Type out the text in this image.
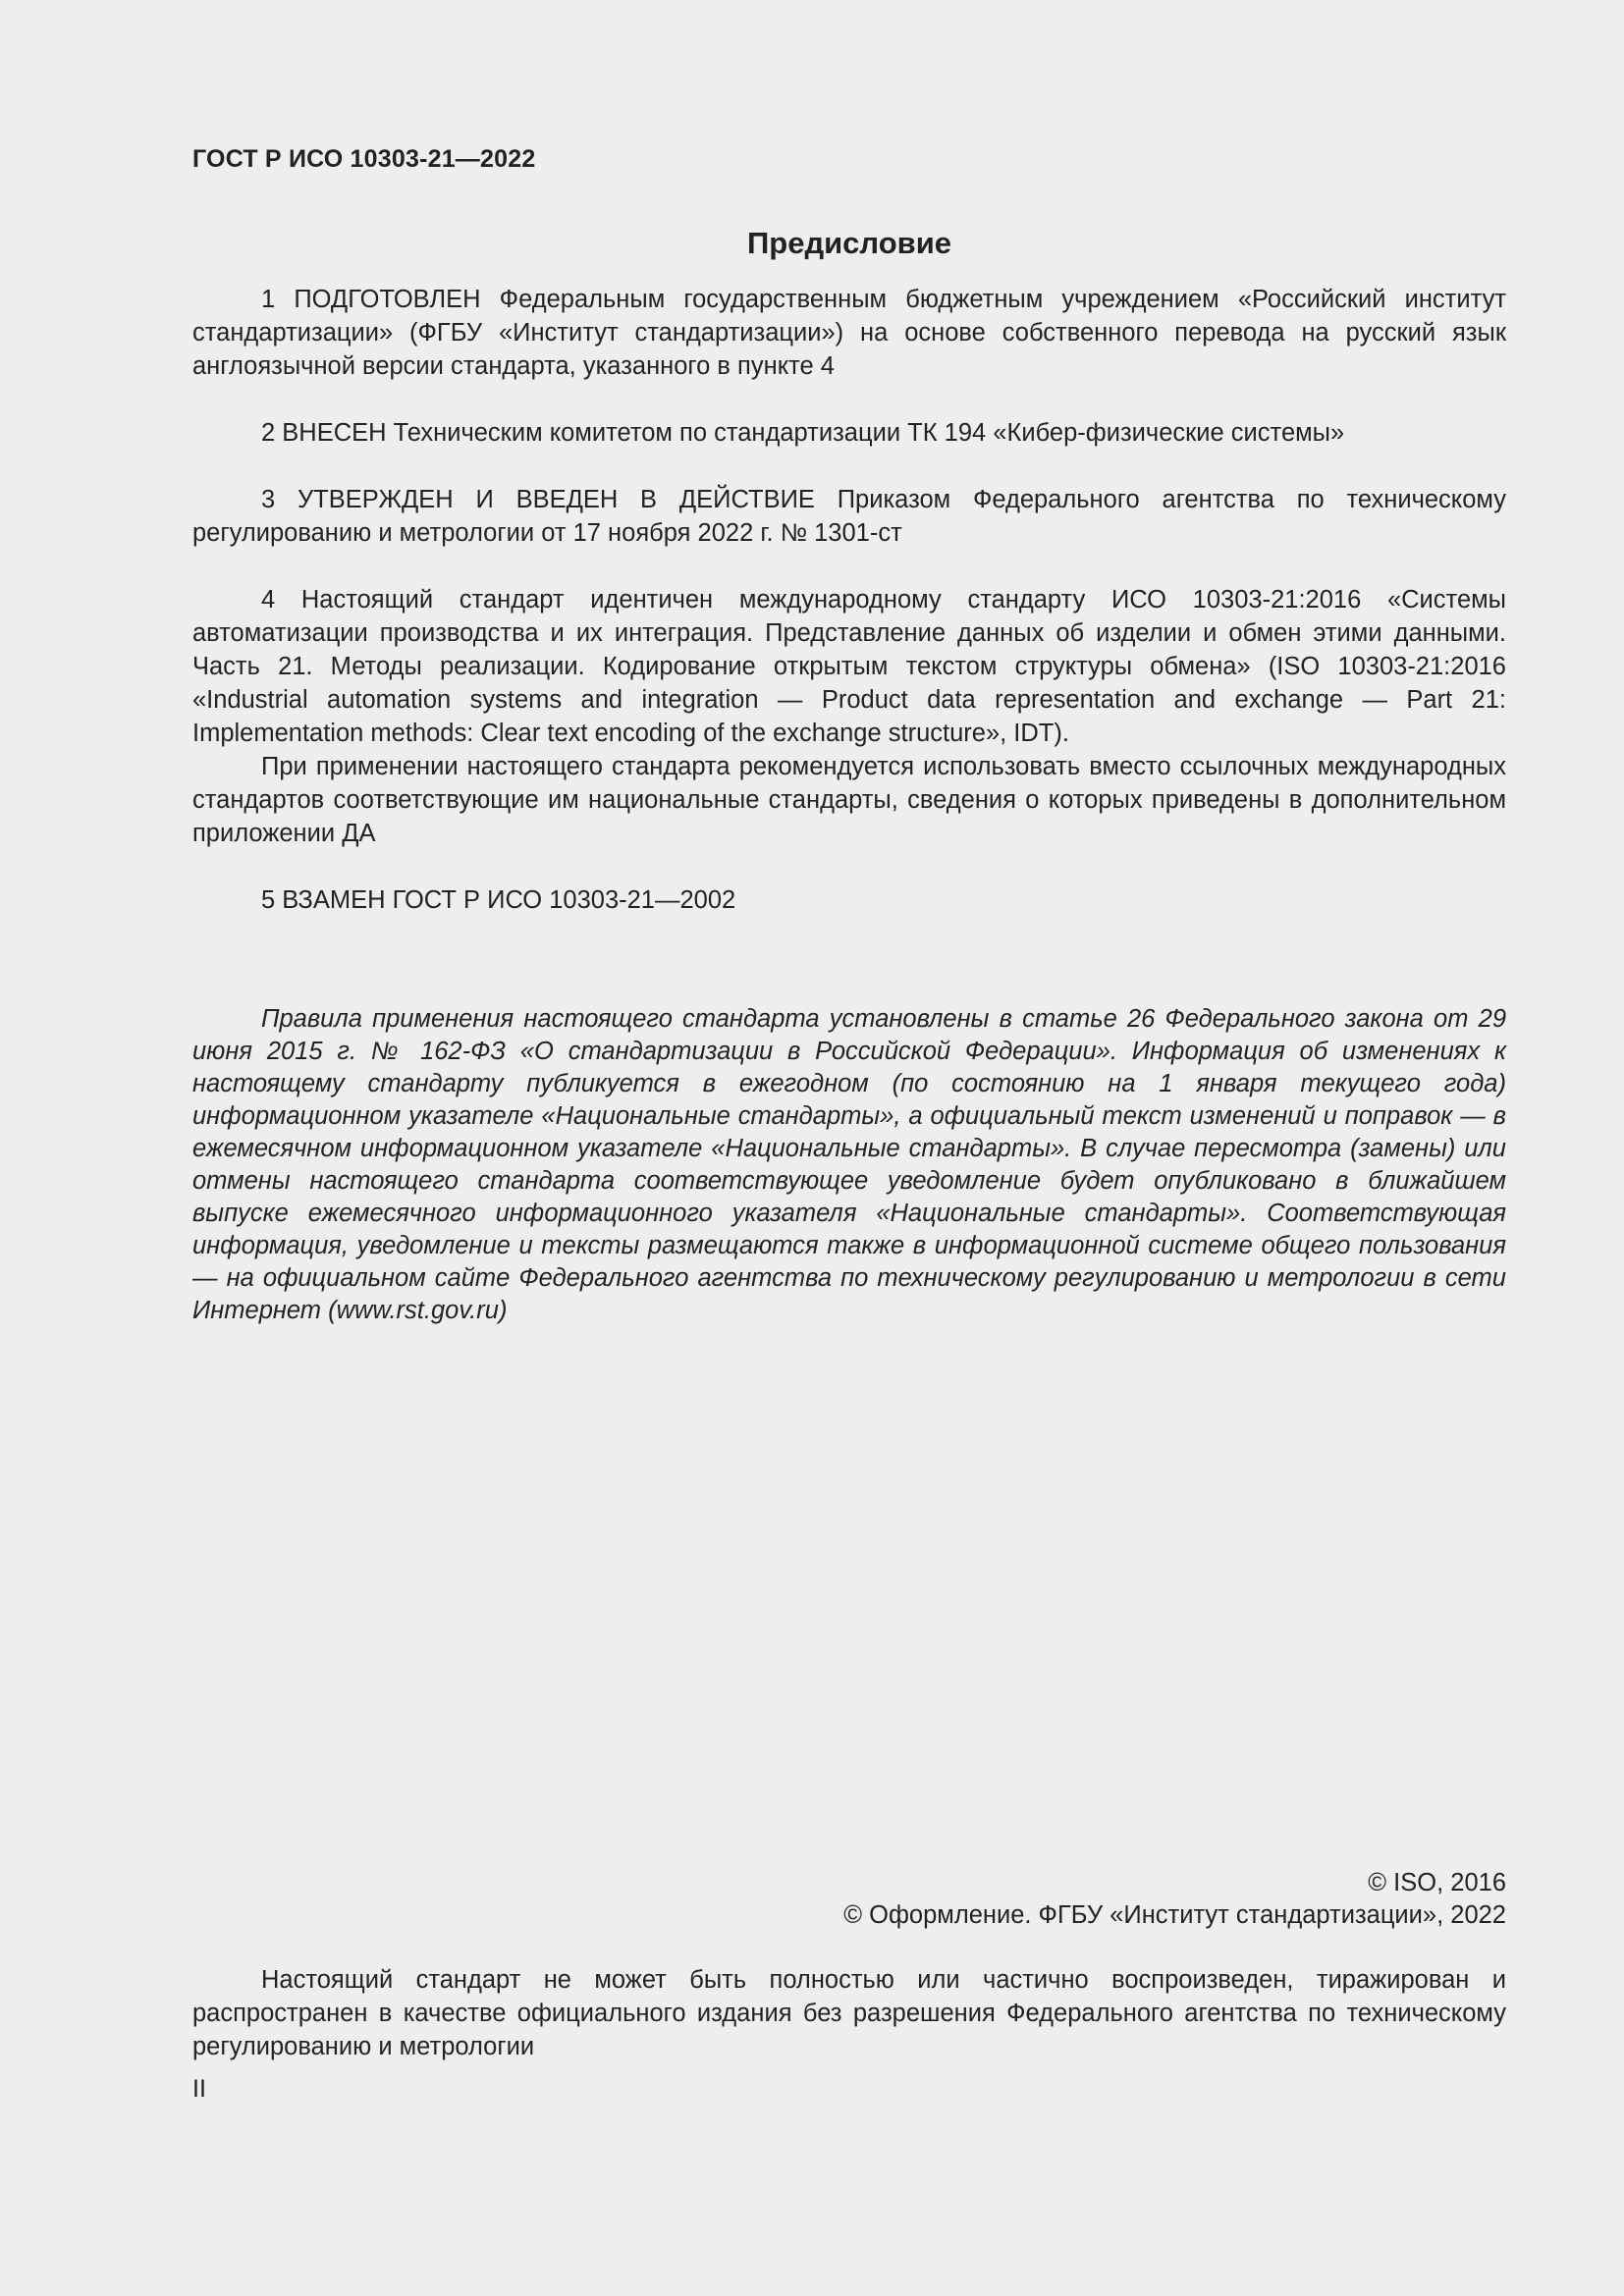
ГОСТ Р ИСО 10303-21—2022
Предисловие

1 ПОДГОТОВЛЕН Федеральным государственным бюджетным учреждением «Российский институт стандартизации» (ФГБУ «Институт стандартизации») на основе собственного перевода на русский язык англоязычной версии стандарта, указанного в пункте 4

2 ВНЕСЕН Техническим комитетом по стандартизации ТК 194 «Кибер-физические системы»

3 УТВЕРЖДЕН И ВВЕДЕН В ДЕЙСТВИЕ Приказом Федерального агентства по техническому регулированию и метрологии от 17 ноября 2022 г. № 1301-ст

4 Настоящий стандарт идентичен международному стандарту ИСО 10303-21:2016 «Системы автоматизации производства и их интеграция. Представление данных об изделии и обмен этими данными. Часть 21. Методы реализации. Кодирование открытым текстом структуры обмена» (ISO 10303-21:2016 «Industrial automation systems and integration — Product data representation and exchange — Part 21: Implementation methods: Clear text encoding of the exchange structure», IDT).

При применении настоящего стандарта рекомендуется использовать вместо ссылочных международных стандартов соответствующие им национальные стандарты, сведения о которых приведены в дополнительном приложении ДА

5 ВЗАМЕН ГОСТ Р ИСО 10303-21—2002

Правила применения настоящего стандарта установлены в статье 26 Федерального закона от 29 июня 2015 г. № 162-ФЗ «О стандартизации в Российской Федерации». Информация об изменениях к настоящему стандарту публикуется в ежегодном (по состоянию на 1 января текущего года) информационном указателе «Национальные стандарты», а официальный текст изменений и поправок — в ежемесячном информационном указателе «Национальные стандарты». В случае пересмотра (замены) или отмены настоящего стандарта соответствующее уведомление будет опубликовано в ближайшем выпуске ежемесячного информационного указателя «Национальные стандарты». Соответствующая информация, уведомление и тексты размещаются также в информационной системе общего пользования — на официальном сайте Федерального агентства по техническому регулированию и метрологии в сети Интернет (www.rst.gov.ru)

© ISO, 2016
© Оформление. ФГБУ «Институт стандартизации», 2022

Настоящий стандарт не может быть полностью или частично воспроизведен, тиражирован и распространен в качестве официального издания без разрешения Федерального агентства по техническому регулированию и метрологии

II
